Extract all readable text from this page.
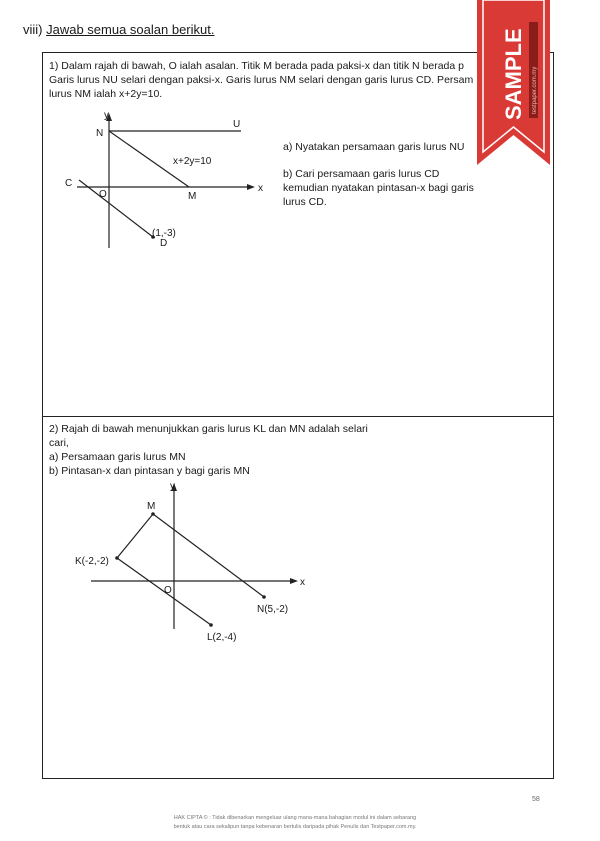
viii) Jawab semua soalan berikut.
1) Dalam rajah di bawah, O ialah asalan. Titik M berada pada paksi-x dan titik N berada p
Garis lurus NU selari dengan paksi-x. Garis lurus NM selari dengan garis lurus CD. Persam
lurus NM ialah x+2y=10.
y
N
U
x+2y=10
C
O	M
x
(1,-3)
D
a) Nyatakan persamaan garis lurus NU
b) Cari persamaan garis lurus CD
kemudian nyatakan pintasan-x bagi garis
lurus CD.
2) Rajah di bawah menunjukkan garis lurus KL dan MN adalah selari
cari,
a) Persamaan garis lurus MN
b) Pintasan-x dan pintasan y bagi garis MN
y
M
K(-2,-2)
O
x
N(5,-2)
L(2,-4)
SAMPLE testpaper.com.my
58
HAK CIPTA © : Tidak dibenarkan mengeluar ulang mana-mana bahagian modul ini dalam sebarang
bentuk atau cara sekalipun tanpa kebenaran bertulis daripada pihak Penulis dan Testpaper.com.my.
